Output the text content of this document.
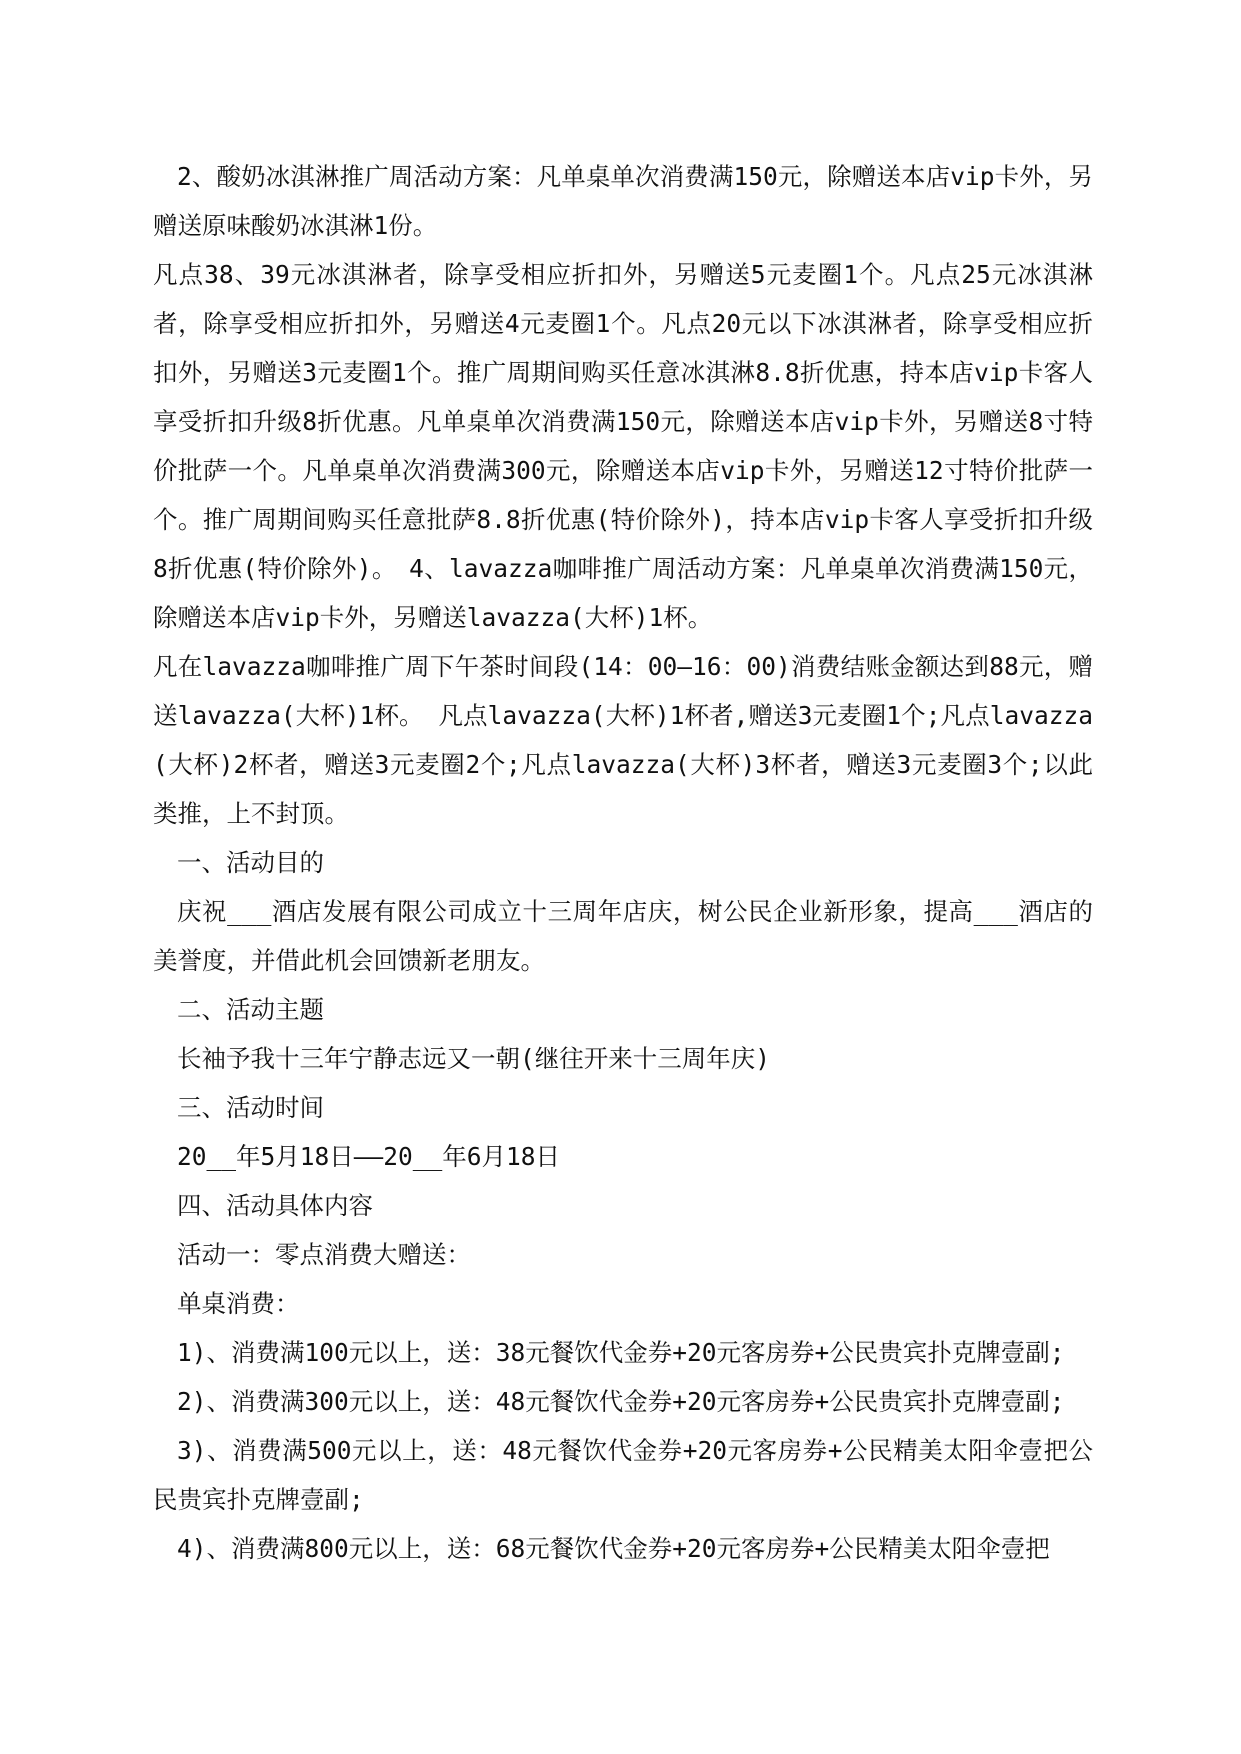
2、酸奶冰淇淋推广周活动方案：凡单桌单次消费满150元，除赠送本店vip卡外，另赠送原味酸奶冰淇淋1份。

凡点38、39元冰淇淋者，除享受相应折扣外，另赠送5元麦圈1个。凡点25元冰淇淋者，除享受相应折扣外，另赠送4元麦圈1个。凡点20元以下冰淇淋者，除享受相应折扣外，另赠送3元麦圈1个。推广周期间购买任意冰淇淋8.8折优惠，持本店vip卡客人享受折扣升级8折优惠。凡单桌单次消费满150元，除赠送本店vip卡外，另赠送8寸特价批萨一个。凡单桌单次消费满300元，除赠送本店vip卡外，另赠送12寸特价批萨一个。推广周期间购买任意批萨8.8折优惠(特价除外)，持本店vip卡客人享受折扣升级8折优惠(特价除外)。　4、lavazza咖啡推广周活动方案：凡单桌单次消费满150元，除赠送本店vip卡外，另赠送lavazza(大杯)1杯。

凡在lavazza咖啡推广周下午茶时间段(14：00—16：00)消费结账金额达到88元，赠送lavazza(大杯)1杯。 凡点lavazza(大杯)1杯者,赠送3元麦圈1个;凡点lavazza(大杯)2杯者，赠送3元麦圈2个;凡点lavazza(大杯)3杯者，赠送3元麦圈3个;以此类推，上不封顶。

一、活动目的

庆祝___酒店发展有限公司成立十三周年店庆，树公民企业新形象，提高___酒店的美誉度，并借此机会回馈新老朋友。

二、活动主题

长袖予我十三年宁静志远又一朝(继往开来十三周年庆)

三、活动时间

20__年5月18日——20__年6月18日

四、活动具体内容

活动一：零点消费大赠送：

单桌消费：

1)、消费满100元以上，送：38元餐饮代金券+20元客房券+公民贵宾扑克牌壹副;

2)、消费满300元以上，送：48元餐饮代金券+20元客房券+公民贵宾扑克牌壹副;

3)、消费满500元以上，送：48元餐饮代金券+20元客房券+公民精美太阳伞壹把公民贵宾扑克牌壹副;

4)、消费满800元以上，送：68元餐饮代金券+20元客房券+公民精美太阳伞壹把
